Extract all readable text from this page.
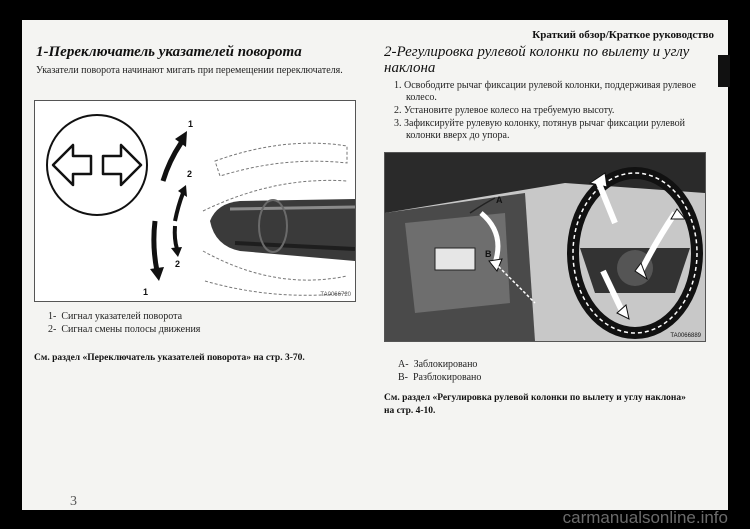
Краткий обзор/Краткое руководство
1-Переключатель указателей поворота
Указатели поворота начинают мигать при перемещении переключателя.
1
2
2
1	TA0066720
1- Сигнал указателей поворота
2- Сигнал смены полосы движения
См. раздел «Переключатель указателей поворота» на стр. 3-70.
2-Регулировка рулевой колонки по вылету и углу наклона
1. Освободите рычаг фиксации рулевой колонки, поддерживая рулевое колесо.
2. Установите рулевое колесо на требуемую высоту.
3. Зафиксируйте рулевую колонку, потянув рычаг фиксации рулевой колонки вверх до упора.
A
B
TA0066889
A- Заблокировано
B- Разблокировано
См. раздел «Регулировка рулевой колонки по вылету и углу наклона»
на стр. 4-10.
3
carmanualsonline.info
